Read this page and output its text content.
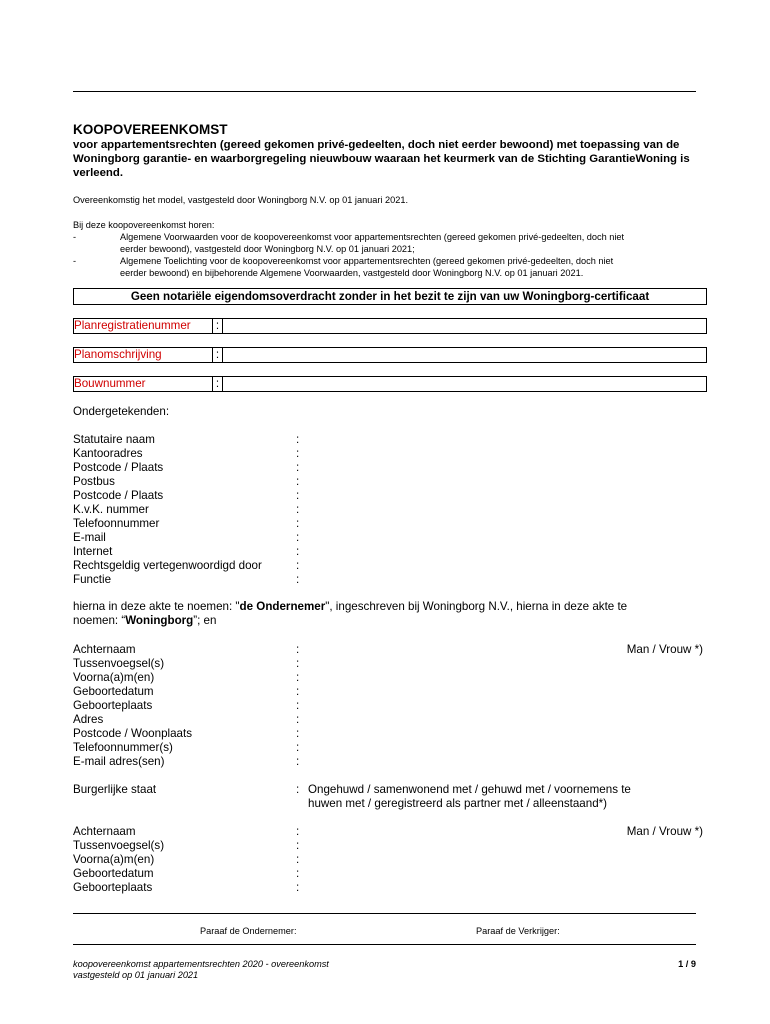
KOOPOVEREENKOMST
voor appartementsrechten (gereed gekomen privé-gedeelten, doch niet eerder bewoond) met toepassing van de Woningborg garantie- en waarborgregeling nieuwbouw waaraan het keurmerk van de Stichting GarantieWoning is verleend.
Overeenkomstig het model, vastgesteld door Woningborg N.V. op 01 januari 2021.
Bij deze koopovereenkomst horen:
-	Algemene Voorwaarden voor de koopovereenkomst voor appartementsrechten (gereed gekomen privé-gedeelten, doch niet
eerder bewoond), vastgesteld door Woningborg N.V. op 01 januari 2021;
-	Algemene Toelichting voor de koopovereenkomst voor appartementsrechten (gereed gekomen privé-gedeelten, doch niet
eerder bewoond) en bijbehorende Algemene Voorwaarden, vastgesteld door Woningborg N.V. op 01 januari 2021.
Geen notariële eigendomsoverdracht zonder in het bezit te zijn van uw Woningborg-certificaat
Planregistratienummer	:
Planomschrijving	:
Bouwnummer	:
Ondergetekenden:
Statutaire naam	:
Kantooradres	:
Postcode / Plaats	:
Postbus	:
Postcode / Plaats	:
K.v.K. nummer	:
Telefoonnummer	:
E-mail	:
Internet	:
Rechtsgeldig vertegenwoordigd door	:
Functie	:
hierna in deze akte te noemen: "de Ondernemer", ingeschreven bij Woningborg N.V., hierna in deze akte te
noemen: “Woningborg”; en
Achternaam	:	Man / Vrouw *)
Tussenvoegsel(s)	:
Voorna(a)m(en)	:
Geboortedatum	:
Geboorteplaats	:
Adres	:
Postcode / Woonplaats	:
Telefoonnummer(s)	:
E-mail adres(sen)	:
Burgerlijke staat	: Ongehuwd / samenwonend met / gehuwd met / voornemens te
huwen met / geregistreerd als partner met / alleenstaand*)
Achternaam	:	Man / Vrouw *)
Tussenvoegsel(s)	:
Voorna(a)m(en)	:
Geboortedatum	:
Geboorteplaats	:
Paraaf de Ondernemer:	Paraaf de Verkrijger:
koopovereenkomst appartementsrechten 2020 - overeenkomst
vastgesteld op 01 januari 2021
1 / 9
